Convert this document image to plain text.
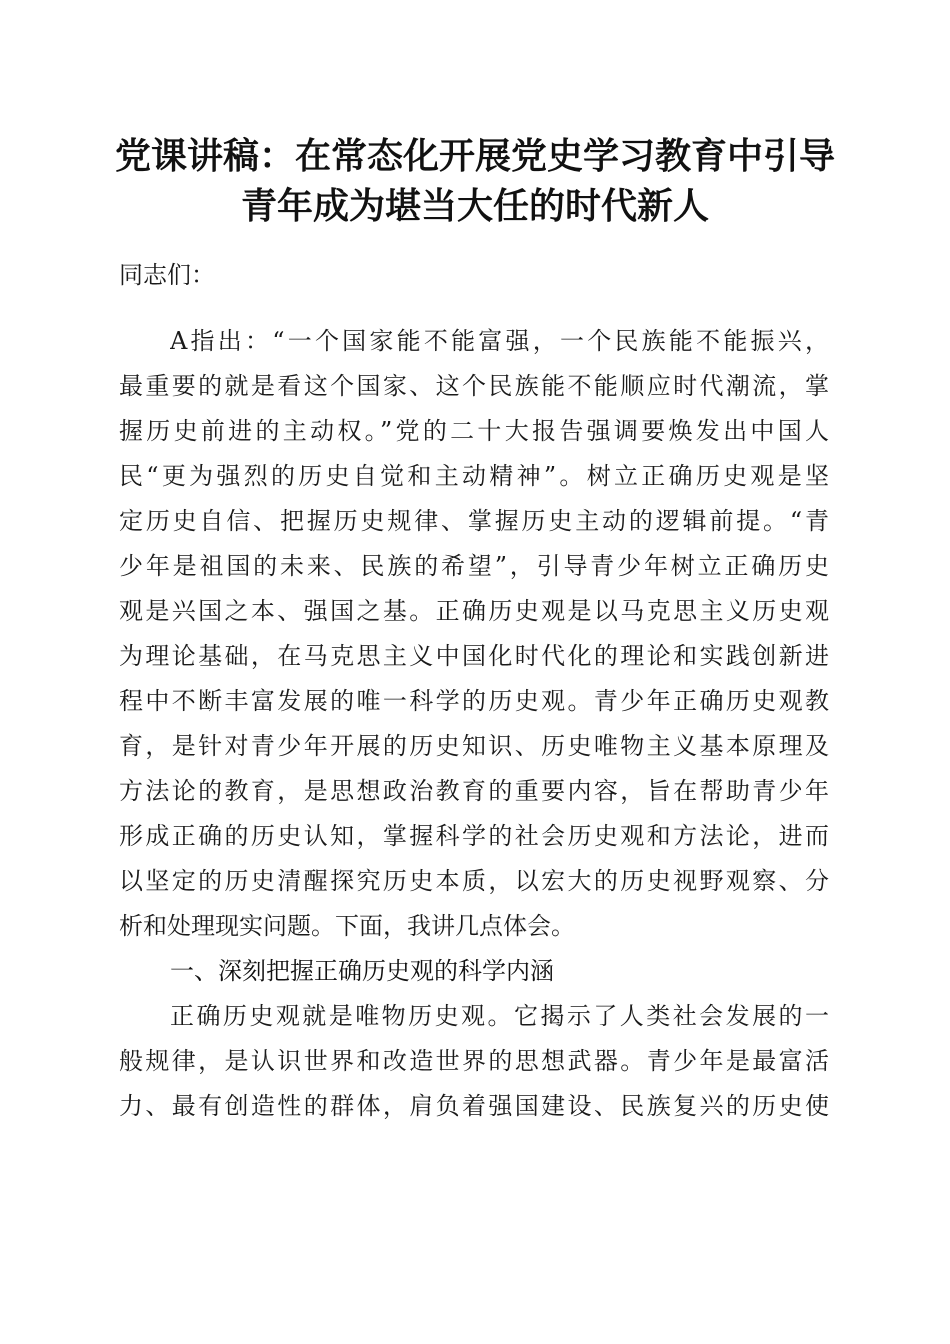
党课讲稿：在常态化开展党史学习教育中引导
青年成为堪当大任的时代新人
同志们：
A指出：“一个国家能不能富强，一个民族能不能振兴，
最重要的就是看这个国家、这个民族能不能顺应时代潮流，掌
握历史前进的主动权。”党的二十大报告强调要焕发出中国人
民“更为强烈的历史自觉和主动精神”。树立正确历史观是坚
定历史自信、把握历史规律、掌握历史主动的逻辑前提。“青
少年是祖国的未来、民族的希望”，引导青少年树立正确历史
观是兴国之本、强国之基。正确历史观是以马克思主义历史观
为理论基础，在马克思主义中国化时代化的理论和实践创新进
程中不断丰富发展的唯一科学的历史观。青少年正确历史观教
育，是针对青少年开展的历史知识、历史唯物主义基本原理及
方法论的教育，是思想政治教育的重要内容，旨在帮助青少年
形成正确的历史认知，掌握科学的社会历史观和方法论，进而
以坚定的历史清醒探究历史本质，以宏大的历史视野观察、分
析和处理现实问题。下面，我讲几点体会。
一、深刻把握正确历史观的科学内涵
正确历史观就是唯物历史观。它揭示了人类社会发展的一
般规律，是认识世界和改造世界的思想武器。青少年是最富活
力、最有创造性的群体，肩负着强国建设、民族复兴的历史使
